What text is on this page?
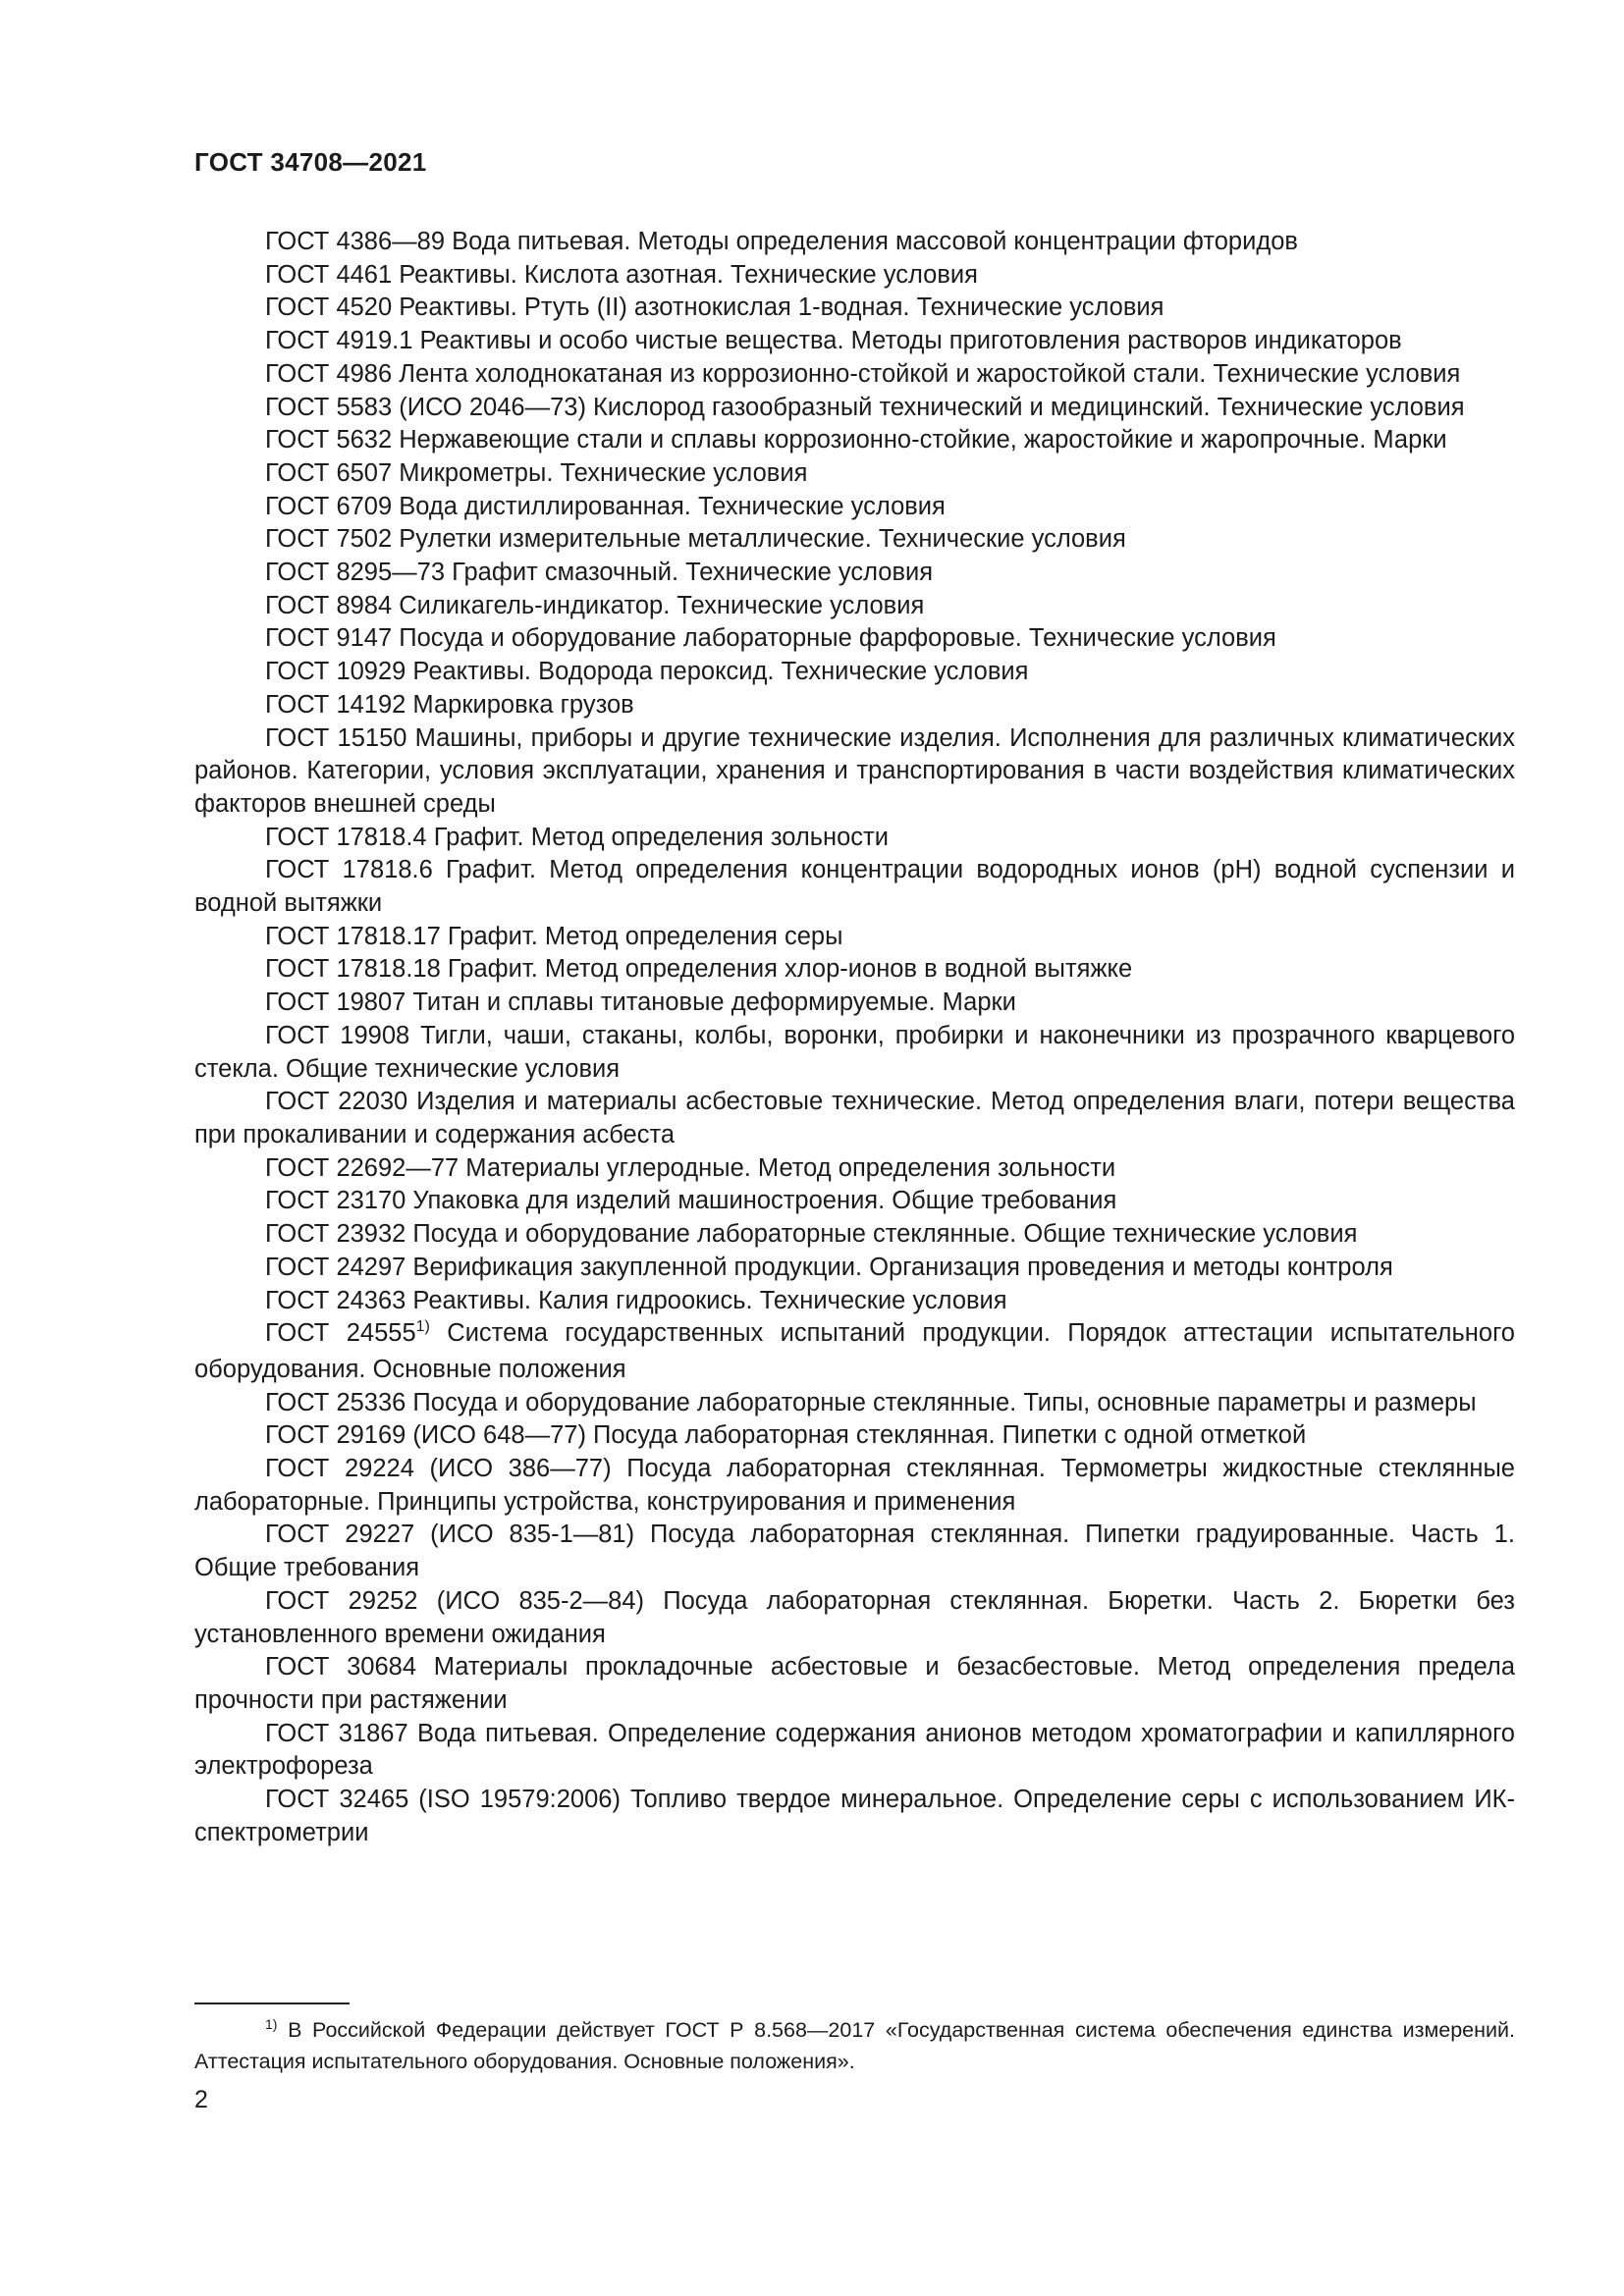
ГОСТ 34708—2021

ГОСТ 4386—89 Вода питьевая. Методы определения массовой концентрации фторидов

ГОСТ 4461 Реактивы. Кислота азотная. Технические условия

ГОСТ 4520 Реактивы. Ртуть (II) азотнокислая 1-водная. Технические условия

ГОСТ 4919.1 Реактивы и особо чистые вещества. Методы приготовления растворов индикаторов

ГОСТ 4986 Лента холоднокатаная из коррозионно-стойкой и жаростойкой стали. Технические условия

ГОСТ 5583 (ИСО 2046—73) Кислород газообразный технический и медицинский. Технические условия

ГОСТ 5632 Нержавеющие стали и сплавы коррозионно-стойкие, жаростойкие и жаропрочные. Марки

ГОСТ 6507 Микрометры. Технические условия

ГОСТ 6709 Вода дистиллированная. Технические условия

ГОСТ 7502 Рулетки измерительные металлические. Технические условия

ГОСТ 8295—73 Графит смазочный. Технические условия

ГОСТ 8984 Силикагель-индикатор. Технические условия

ГОСТ 9147 Посуда и оборудование лабораторные фарфоровые. Технические условия

ГОСТ 10929 Реактивы. Водорода пероксид. Технические условия

ГОСТ 14192 Маркировка грузов

ГОСТ 15150 Машины, приборы и другие технические изделия. Исполнения для различных климатических районов. Категории, условия эксплуатации, хранения и транспортирования в части воздействия климатических факторов внешней среды

ГОСТ 17818.4 Графит. Метод определения зольности

ГОСТ 17818.6 Графит. Метод определения концентрации водородных ионов (pH) водной суспензии и водной вытяжки

ГОСТ 17818.17 Графит. Метод определения серы

ГОСТ 17818.18 Графит. Метод определения хлор-ионов в водной вытяжке

ГОСТ 19807 Титан и сплавы титановые деформируемые. Марки

ГОСТ 19908 Тигли, чаши, стаканы, колбы, воронки, пробирки и наконечники из прозрачного кварцевого стекла. Общие технические условия

ГОСТ 22030 Изделия и материалы асбестовые технические. Метод определения влаги, потери вещества при прокаливании и содержания асбеста

ГОСТ 22692—77 Материалы углеродные. Метод определения зольности

ГОСТ 23170 Упаковка для изделий машиностроения. Общие требования

ГОСТ 23932 Посуда и оборудование лабораторные стеклянные. Общие технические условия

ГОСТ 24297 Верификация закупленной продукции. Организация проведения и методы контроля

ГОСТ 24363 Реактивы. Калия гидроокись. Технические условия

ГОСТ 24555$^{1)}$ Система государственных испытаний продукции. Порядок аттестации испытательного оборудования. Основные положения

ГОСТ 25336 Посуда и оборудование лабораторные стеклянные. Типы, основные параметры и размеры

ГОСТ 29169 (ИСО 648—77) Посуда лабораторная стеклянная. Пипетки с одной отметкой

ГОСТ 29224 (ИСО 386—77) Посуда лабораторная стеклянная. Термометры жидкостные стеклянные лабораторные. Принципы устройства, конструирования и применения

ГОСТ 29227 (ИСО 835-1—81) Посуда лабораторная стеклянная. Пипетки градуированные. Часть 1. Общие требования

ГОСТ 29252 (ИСО 835-2—84) Посуда лабораторная стеклянная. Бюретки. Часть 2. Бюретки без установленного времени ожидания

ГОСТ 30684 Материалы прокладочные асбестовые и безасбестовые. Метод определения предела прочности при растяжении

ГОСТ 31867 Вода питьевая. Определение содержания анионов методом хроматографии и капиллярного электрофореза

ГОСТ 32465 (ISO 19579:2006) Топливо твердое минеральное. Определение серы с использованием ИК-спектрометрии

$^{1)}$ В Российской Федерации действует ГОСТ Р 8.568—2017 «Государственная система обеспечения единства измерений. Аттестация испытательного оборудования. Основные положения».
2
